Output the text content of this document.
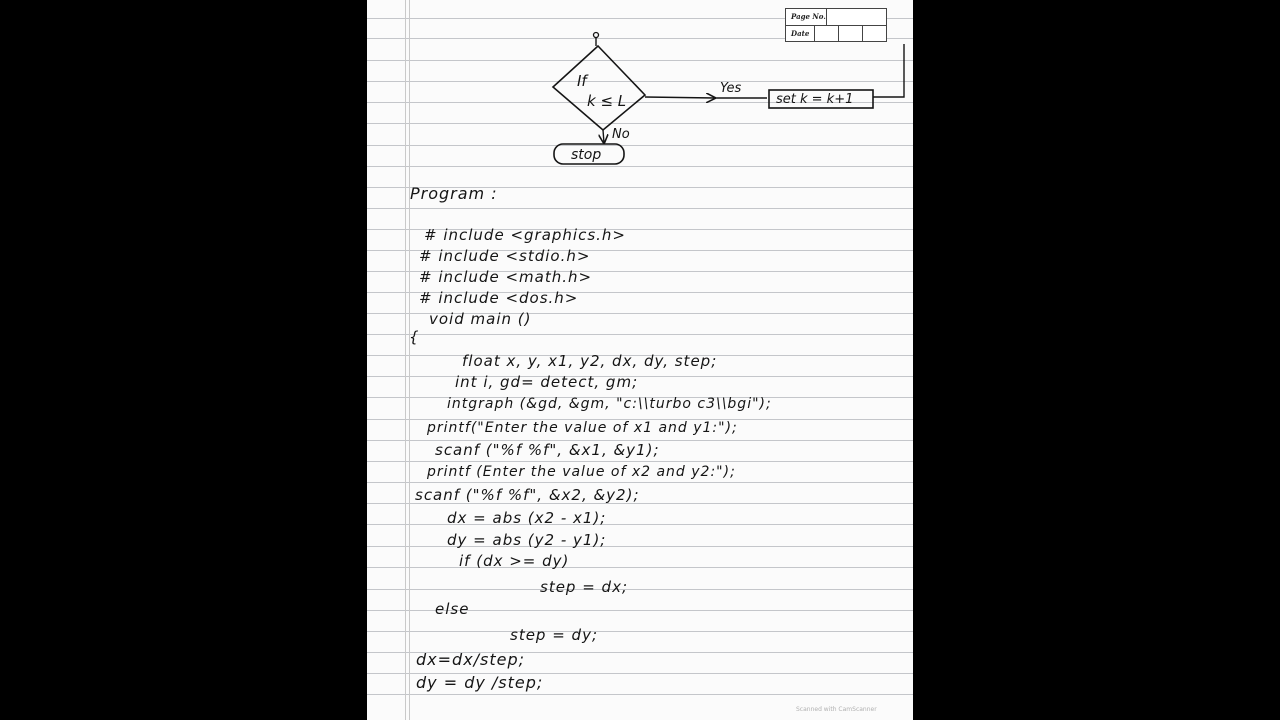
Page No.
Date
If
k ≤ L
Yes
No
set k = k+1
stop
Program :
# include <graphics.h>
# include <stdio.h>
# include <math.h>
# include <dos.h>
void main ()
{
float x, y, x1, y2, dx, dy, step;
int i, gd= detect, gm;
intgraph (&gd, &gm, "c:\\turbo c3\\bgi");
printf("Enter the value of x1 and y1:");
scanf ("%f %f", &x1, &y1);
printf (Enter the value of x2 and y2:");
scanf ("%f %f", &x2, &y2);
dx = abs (x2 - x1);
dy = abs (y2 - y1);
if (dx >= dy)
step = dx;
else
step = dy;
dx=dx/step;
dy = dy /step;
Scanned with CamScanner
